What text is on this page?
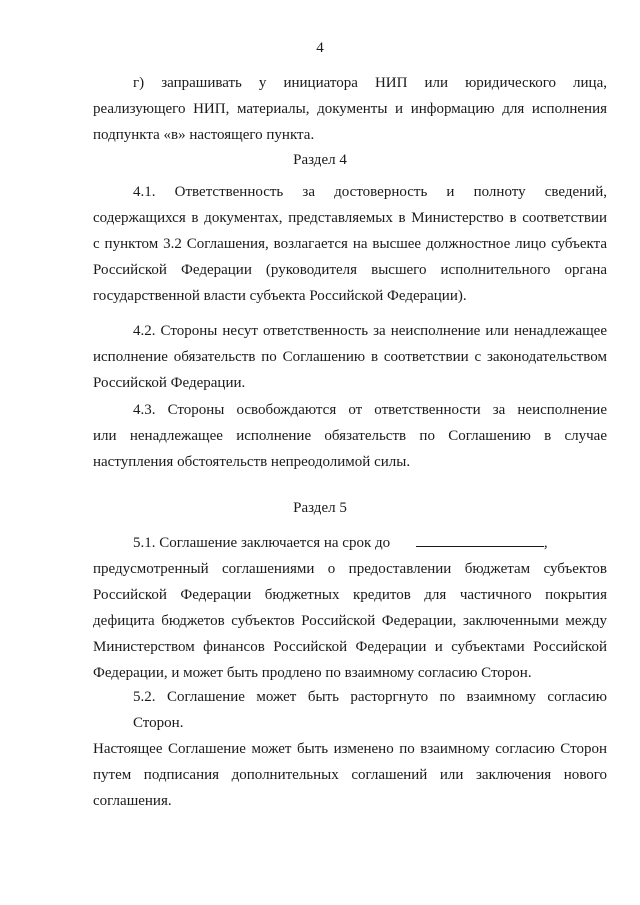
4
г) запрашивать у инициатора НИП или юридического лица,
реализующего НИП, материалы, документы и информацию для исполнения
подпункта «в» настоящего пункта.
Раздел 4
4.1. Ответственность за достоверность и полноту сведений,
содержащихся в документах, представляемых в Министерство в соответствии
с пунктом 3.2 Соглашения, возлагается на высшее должностное лицо субъекта
Российской Федерации (руководителя высшего исполнительного органа
государственной власти субъекта Российской Федерации).
4.2. Стороны несут ответственность за неисполнение или ненадлежащее
исполнение обязательств по Соглашению в соответствии с законодательством
Российской Федерации.
4.3. Стороны освобождаются от ответственности за неисполнение
или ненадлежащее исполнение обязательств по Соглашению в случае
наступления обстоятельств непреодолимой силы.
Раздел 5
5.1. Соглашение заключается на срок до	,
предусмотренный соглашениями о предоставлении бюджетам субъектов
Российской Федерации бюджетных кредитов для частичного покрытия
дефицита бюджетов субъектов Российской Федерации, заключенными между
Министерством финансов Российской Федерации и субъектами Российской
Федерации, и может быть продлено по взаимному согласию Сторон.
5.2. Соглашение может быть расторгнуто по взаимному согласию Сторон.
Настоящее Соглашение может быть изменено по взаимному согласию Сторон
путем подписания дополнительных соглашений или заключения нового
соглашения.
